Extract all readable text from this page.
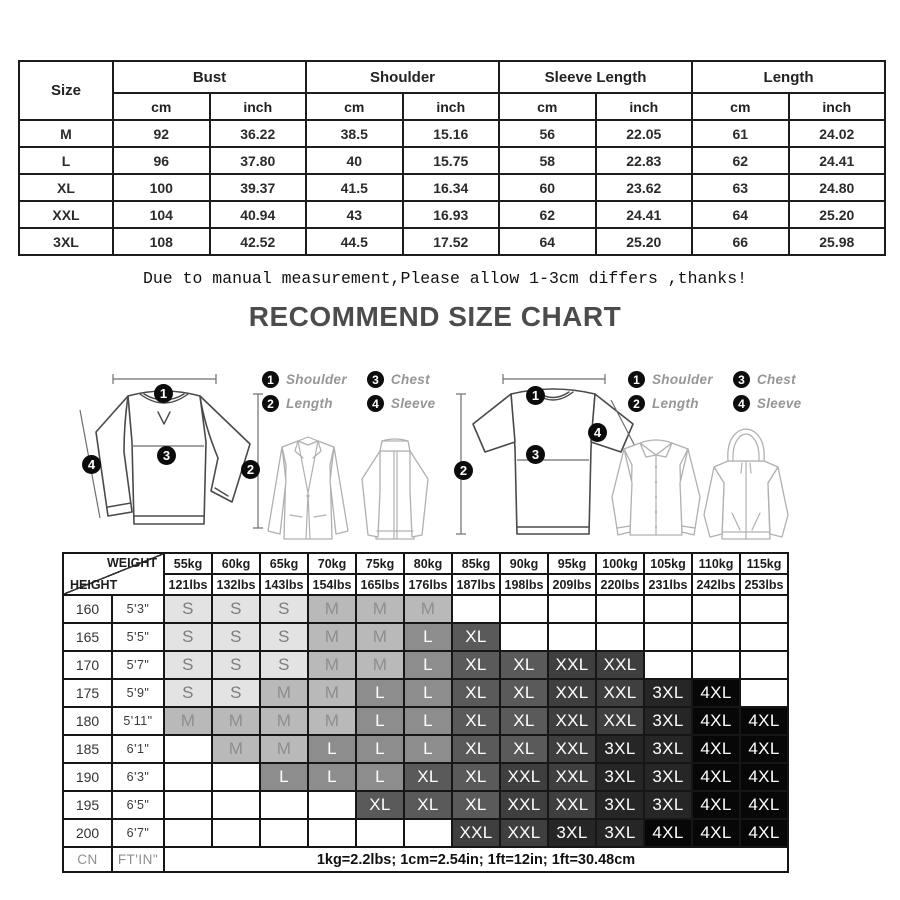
Size	Bust		Shoulder		Sleeve Length		Length	
	cm	inch	cm	inch	cm	inch	cm	inch
M	92	36.22	38.5	15.16	56	22.05	61	24.02
L	96	37.80	40	15.75	58	22.83	62	24.41
XL	100	39.37	41.5	16.34	60	23.62	63	24.80
XXL	104	40.94	43	16.93	62	24.41	64	25.20
3XL	108	42.52	44.5	17.52	64	25.20	66	25.98
Due to manual measurement,Please allow 1-3cm differs ,thanks!
RECOMMEND SIZE CHART
1 Shoulder	3 Chest
2 Length	4 Sleeve
1 Shoulder	3 Chest
2 Length	4 Sleeve
1
3
4	2
1
4
3
2
WEIGHT
HEIGHT		55kg	60kg	65kg	70kg	75kg	80kg	85kg	90kg	95kg	100kg	105kg	110kg	115kg
		121lbs	132lbs	143lbs	154lbs	165lbs	176lbs	187lbs	198lbs	209lbs	220lbs	231lbs	242lbs	253lbs
160	5'3"	S	S	S	M	M	M							
165	5'5"	S	S	S	M	M	L	XL						
170	5'7"	S	S	S	M	M	L	XL	XL	XXL	XXL			
175	5'9"	S	S	M	M	L	L	XL	XL	XXL	XXL	3XL	4XL	
180	5'11"	M	M	M	M	L	L	XL	XL	XXL	XXL	3XL	4XL	4XL
185	6'1"		M	M	L	L	L	XL	XL	XXL	3XL	3XL	4XL	4XL
190	6'3"			L	L	L	XL	XL	XXL	XXL	3XL	3XL	4XL	4XL
195	6'5"					XL	XL	XL	XXL	XXL	3XL	3XL	4XL	4XL
200	6'7"							XXL	XXL	3XL	3XL	4XL	4XL	4XL
CN	FT'IN"	1kg=2.2lbs; 1cm=2.54in; 1ft=12in; 1ft=30.48cm												
